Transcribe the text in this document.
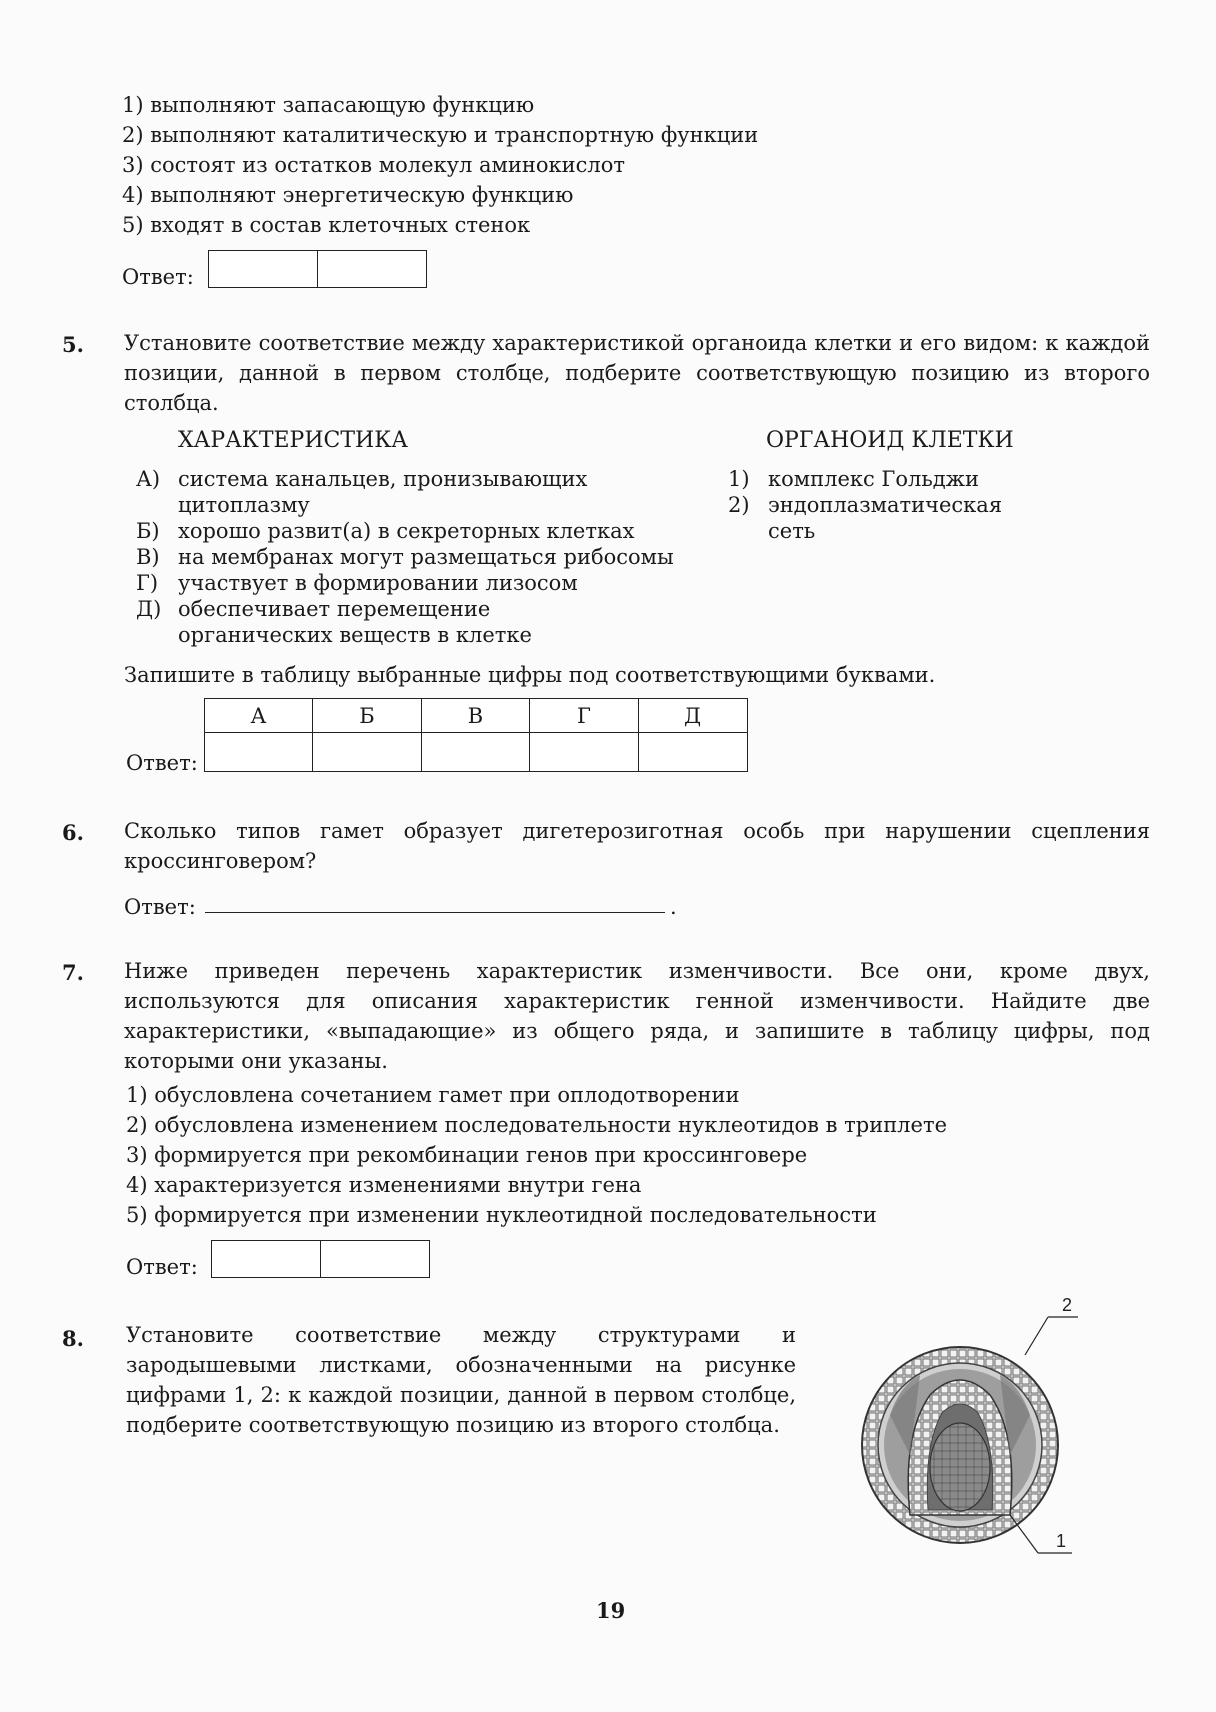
1) выполняют запасающую функцию
2) выполняют каталитическую и транспортную функции
3) состоят из остатков молекул аминокислот
4) выполняют энергетическую функцию
5) входят в состав клеточных стенок
Ответ:
5. Установите соответствие между характеристикой органоида клетки и его видом: к каждой позиции, данной в первом столбце, подберите соответствующую позицию из второго столбца.
ХАРАКТЕРИСТИКА	ОРГАНОИД КЛЕТКИ
А) система канальцев, пронизывающих цитоплазму
Б) хорошо развит(а) в секреторных клетках
В) на мембранах могут размещаться рибосомы
Г) участвует в формировании лизосом
Д) обеспечивает перемещение органических веществ в клетке
1) комплекс Гольджи
2) эндоплазматическая сеть
Запишите в таблицу выбранные цифры под соответствующими буквами.
А	Б	В	Г	Д
Ответ:
6. Сколько типов гамет образует дигетерозиготная особь при нарушении сцепления кроссинговером?
Ответ:	.
7. Ниже приведен перечень характеристик изменчивости. Все они, кроме двух, используются для описания характеристик генной изменчивости. Найдите две характеристики, «выпадающие» из общего ряда, и запишите в таблицу цифры, под которыми они указаны.
1) обусловлена сочетанием гамет при оплодотворении
2) обусловлена изменением последовательности нуклеотидов в триплете
3) формируется при рекомбинации генов при кроссинговере
4) характеризуется изменениями внутри гена
5) формируется при изменении нуклеотидной последовательности
Ответ:
8. Установите соответствие между структурами и зародышевыми листками, обозначенными на рисунке цифрами 1, 2: к каждой позиции, данной в первом столбце, подберите соответствующую позицию из второго столбца.
2
1
19
